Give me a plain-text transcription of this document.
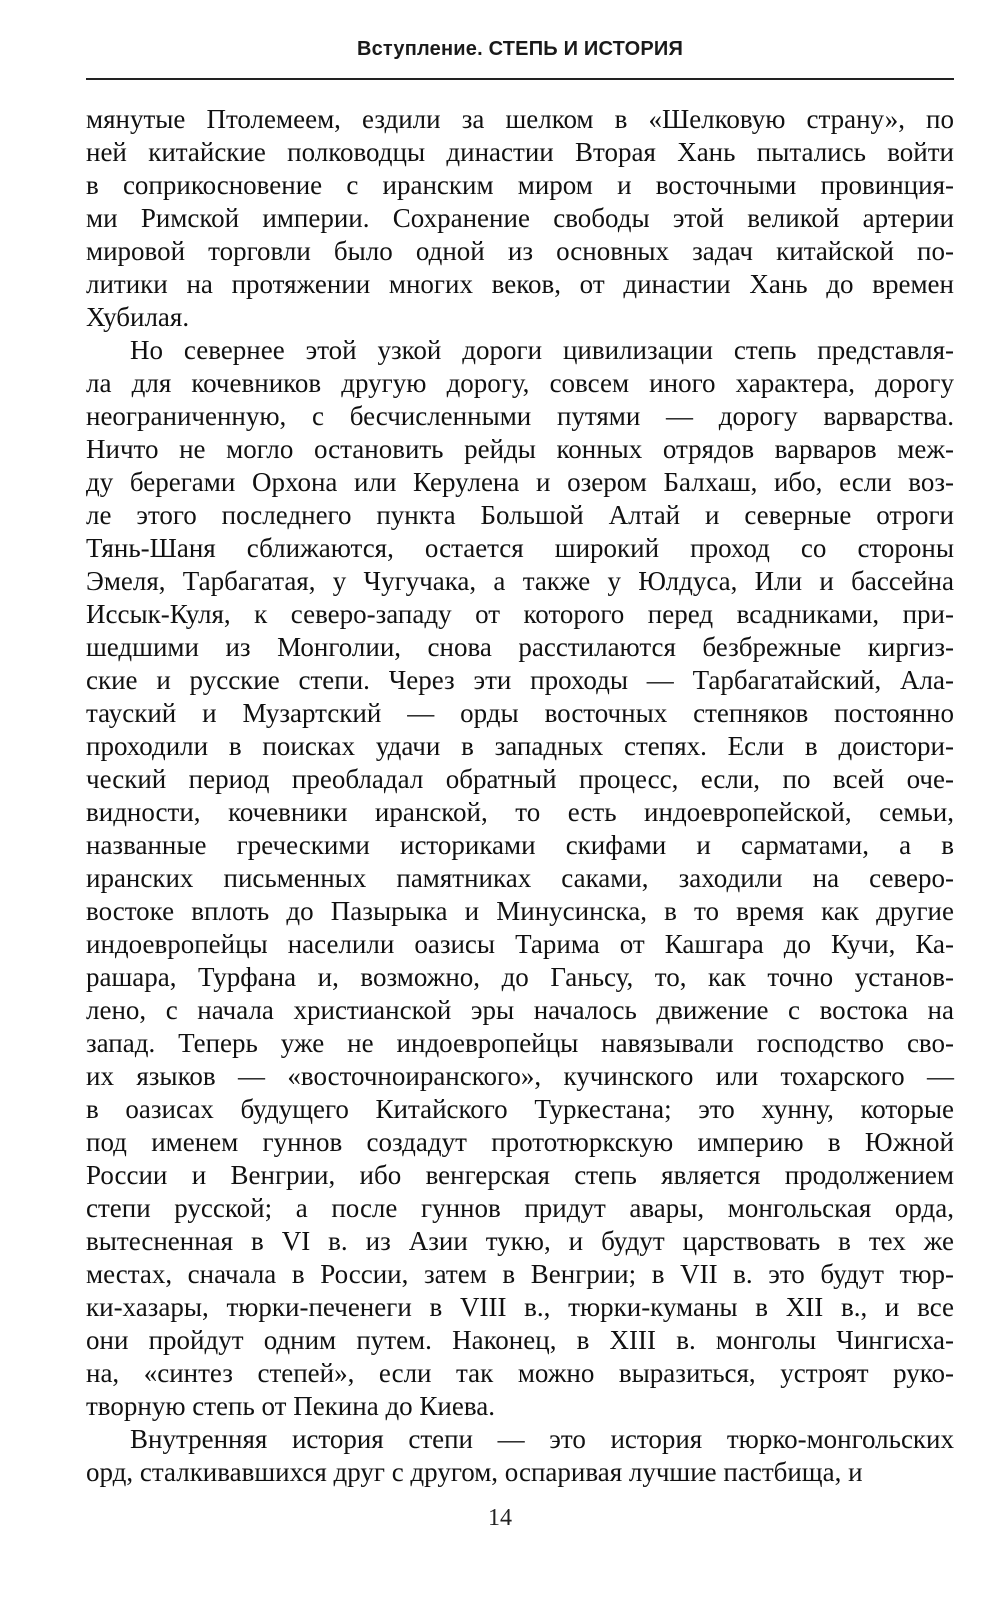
Вступление. СТЕПЬ И ИСТОРИЯ
мянутые Птолемеем, ездили за шелком в «Шелковую страну», по
ней китайские полководцы династии Вторая Хань пытались войти
в соприкосновение с иранским миром и восточными провинция-
ми Римской империи. Сохранение свободы этой великой артерии
мировой торговли было одной из основных задач китайской по-
литики на протяжении многих веков, от династии Хань до времен
Хубилая.
Но севернее этой узкой дороги цивилизации степь представля-
ла для кочевников другую дорогу, совсем иного характера, дорогу
неограниченную, с бесчисленными путями — дорогу варварства.
Ничто не могло остановить рейды конных отрядов варваров меж-
ду берегами Орхона или Керулена и озером Балхаш, ибо, если воз-
ле этого последнего пункта Большой Алтай и северные отроги
Тянь-Шаня сближаются, остается широкий проход со стороны
Эмеля, Тарбагатая, у Чугучака, а также у Юлдуса, Или и бассейна
Иссык-Куля, к северо-западу от которого перед всадниками, при-
шедшими из Монголии, снова расстилаются безбрежные киргиз-
ские и русские степи. Через эти проходы — Тарбагатайский, Ала-
тауский и Музартский — орды восточных степняков постоянно
проходили в поисках удачи в западных степях. Если в доистори-
ческий период преобладал обратный процесс, если, по всей оче-
видности, кочевники иранской, то есть индоевропейской, семьи,
названные греческими историками скифами и сарматами, а в
иранских письменных памятниках саками, заходили на северо-
востоке вплоть до Пазырыка и Минусинска, в то время как другие
индоевропейцы населили оазисы Тарима от Кашгара до Кучи, Ка-
рашара, Турфана и, возможно, до Ганьсу, то, как точно установ-
лено, с начала христианской эры началось движение с востока на
запад. Теперь уже не индоевропейцы навязывали господство сво-
их языков — «восточноиранского», кучинского или тохарского —
в оазисах будущего Китайского Туркестана; это хунну, которые
под именем гуннов создадут прототюркскую империю в Южной
России и Венгрии, ибо венгерская степь является продолжением
степи русской; а после гуннов придут авары, монгольская орда,
вытесненная в VI в. из Азии тукю, и будут царствовать в тех же
местах, сначала в России, затем в Венгрии; в VII в. это будут тюр-
ки-хазары, тюрки-печенеги в VIII в., тюрки-куманы в XII в., и все
они пройдут одним путем. Наконец, в XIII в. монголы Чингисха-
на, «синтез степей», если так можно выразиться, устроят руко-
творную степь от Пекина до Киева.
Внутренняя история степи — это история тюрко-монгольских
орд, сталкивавшихся друг с другом, оспаривая лучшие пастбища, и
14
